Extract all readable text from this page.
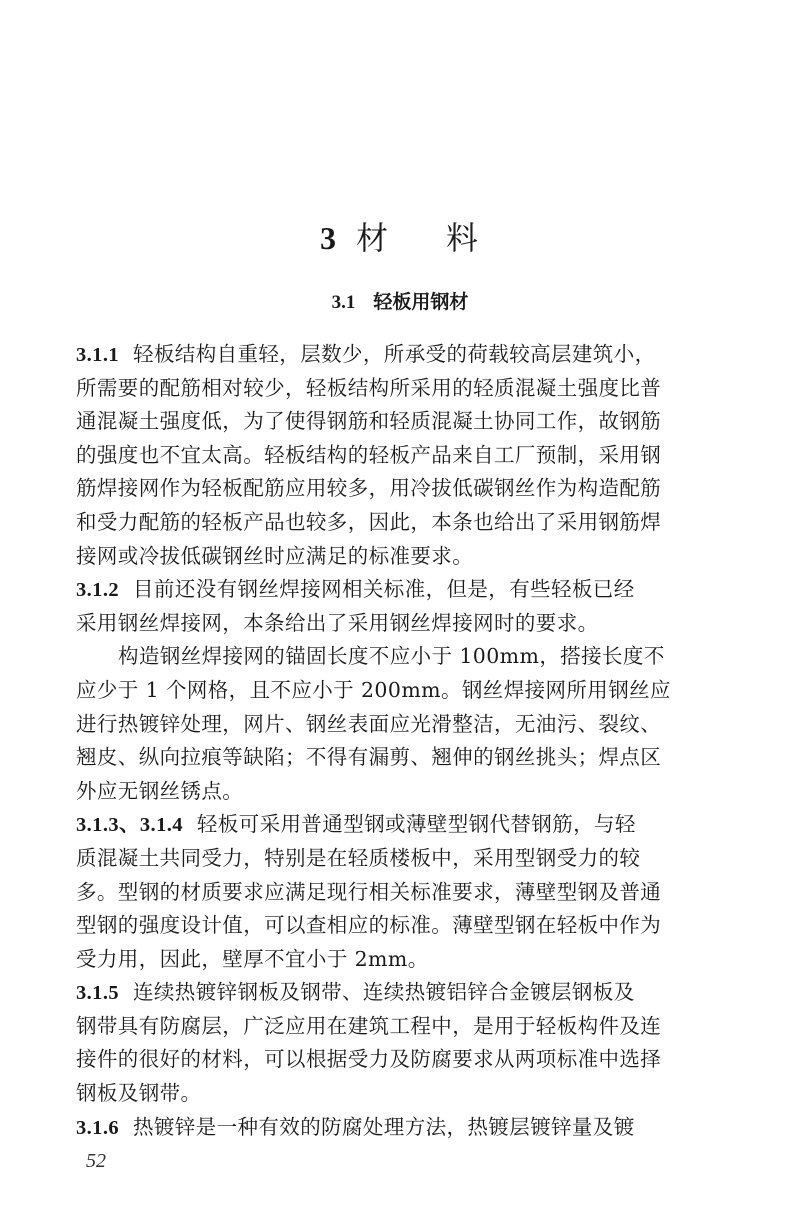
3 材 料
3.1 轻板用钢材
3.1.1 轻板结构自重轻，层数少，所承受的荷载较高层建筑小，
所需要的配筋相对较少，轻板结构所采用的轻质混凝土强度比普
通混凝土强度低，为了使得钢筋和轻质混凝土协同工作，故钢筋
的强度也不宜太高。轻板结构的轻板产品来自工厂预制，采用钢
筋焊接网作为轻板配筋应用较多，用冷拔低碳钢丝作为构造配筋
和受力配筋的轻板产品也较多，因此，本条也给出了采用钢筋焊
接网或冷拔低碳钢丝时应满足的标准要求。
3.1.2 目前还没有钢丝焊接网相关标准，但是，有些轻板已经
采用钢丝焊接网，本条给出了采用钢丝焊接网时的要求。
构造钢丝焊接网的锚固长度不应小于 100mm，搭接长度不
应少于 1 个网格，且不应小于 200mm。钢丝焊接网所用钢丝应
进行热镀锌处理，网片、钢丝表面应光滑整洁，无油污、裂纹、
翘皮、纵向拉痕等缺陷；不得有漏剪、翘伸的钢丝挑头；焊点区
外应无钢丝锈点。
3.1.3、3.1.4 轻板可采用普通型钢或薄壁型钢代替钢筋，与轻
质混凝土共同受力，特别是在轻质楼板中，采用型钢受力的较
多。型钢的材质要求应满足现行相关标准要求，薄壁型钢及普通
型钢的强度设计值，可以查相应的标准。薄壁型钢在轻板中作为
受力用，因此，壁厚不宜小于 2mm。
3.1.5 连续热镀锌钢板及钢带、连续热镀铝锌合金镀层钢板及
钢带具有防腐层，广泛应用在建筑工程中，是用于轻板构件及连
接件的很好的材料，可以根据受力及防腐要求从两项标准中选择
钢板及钢带。
3.1.6 热镀锌是一种有效的防腐处理方法，热镀层镀锌量及镀
52
